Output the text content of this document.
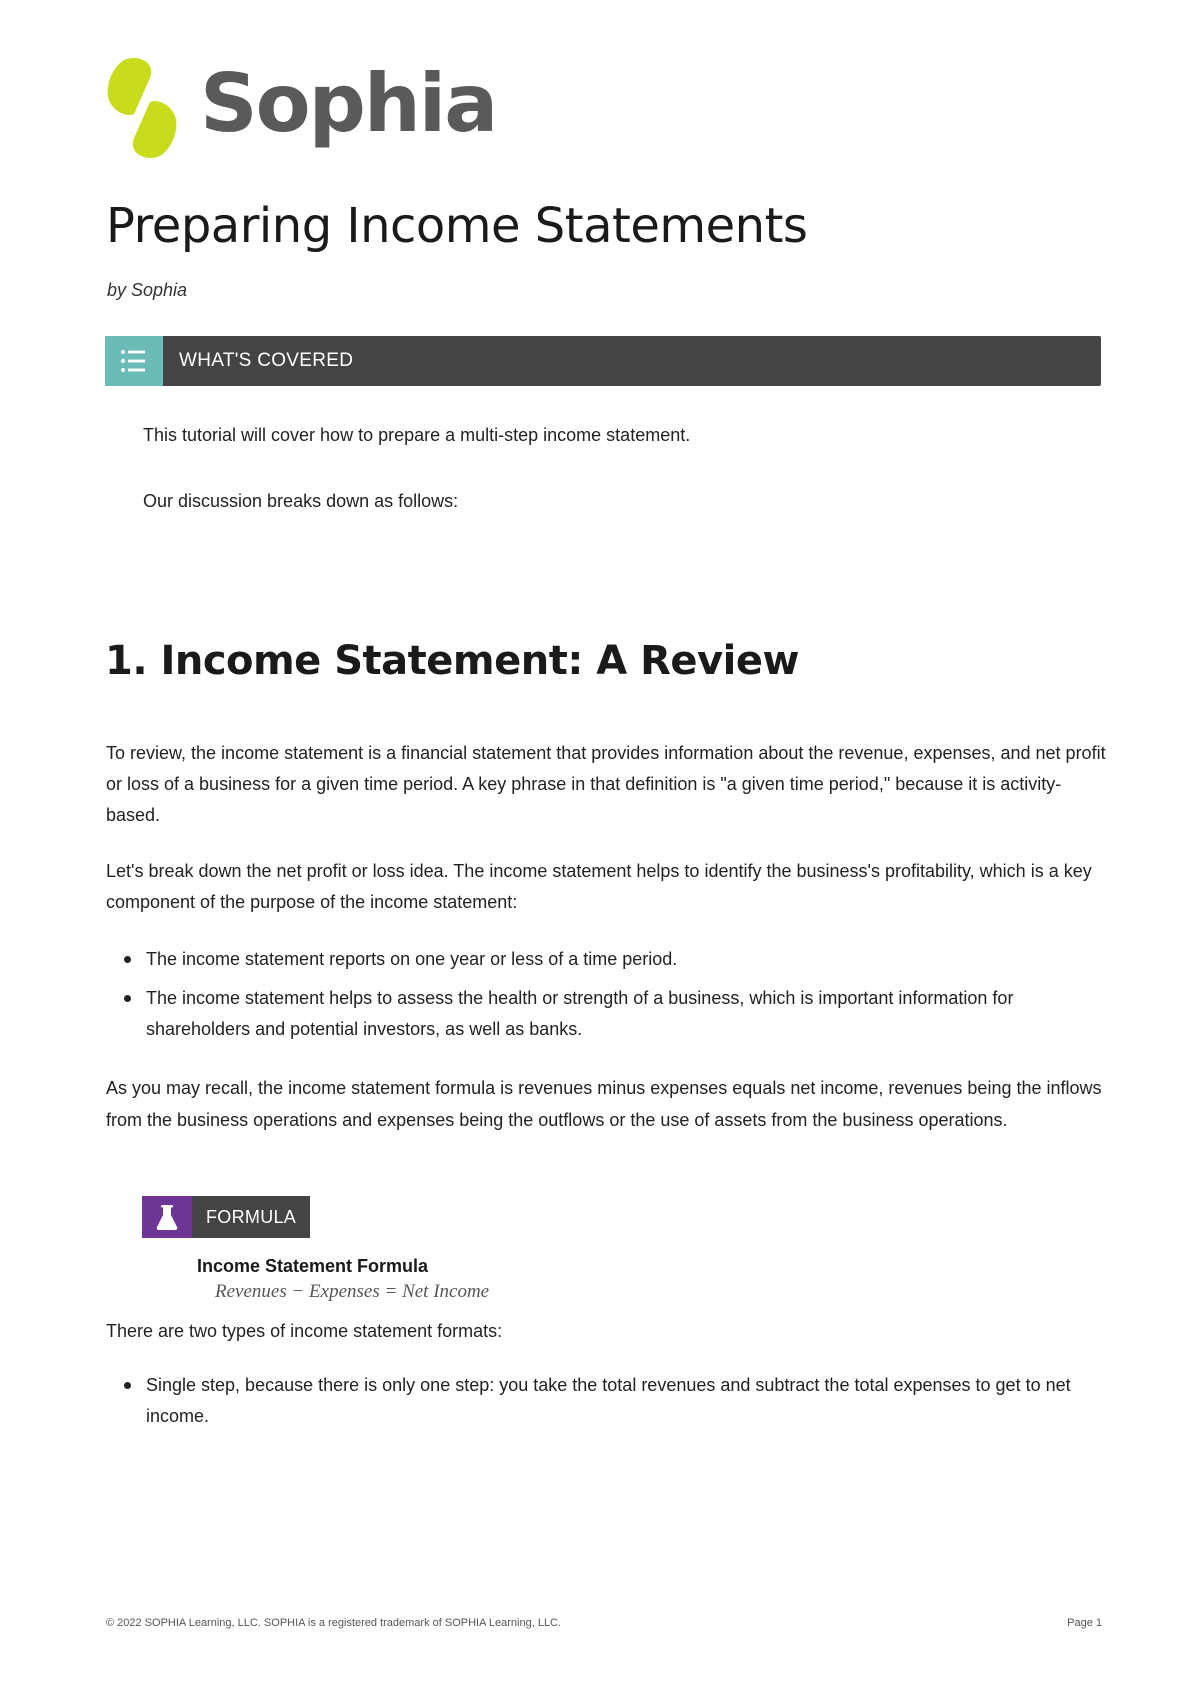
Sophia
Preparing Income Statements
by Sophia
WHAT'S COVERED
This tutorial will cover how to prepare a multi-step income statement.
Our discussion breaks down as follows:
1. Income Statement: A Review
To review, the income statement is a financial statement that provides information about the revenue, expenses, and net profit or loss of a business for a given time period. A key phrase in that definition is "a given time period," because it is activity-based.
Let's break down the net profit or loss idea. The income statement helps to identify the business's profitability, which is a key component of the purpose of the income statement:
The income statement reports on one year or less of a time period.
The income statement helps to assess the health or strength of a business, which is important information for shareholders and potential investors, as well as banks.
As you may recall, the income statement formula is revenues minus expenses equals net income, revenues being the inflows from the business operations and expenses being the outflows or the use of assets from the business operations.
FORMULA
Income Statement Formula
Revenues − Expenses = Net Income
There are two types of income statement formats:
Single step, because there is only one step: you take the total revenues and subtract the total expenses to get to net income.
© 2022 SOPHIA Learning, LLC. SOPHIA is a registered trademark of SOPHIA Learning, LLC.	Page 1
